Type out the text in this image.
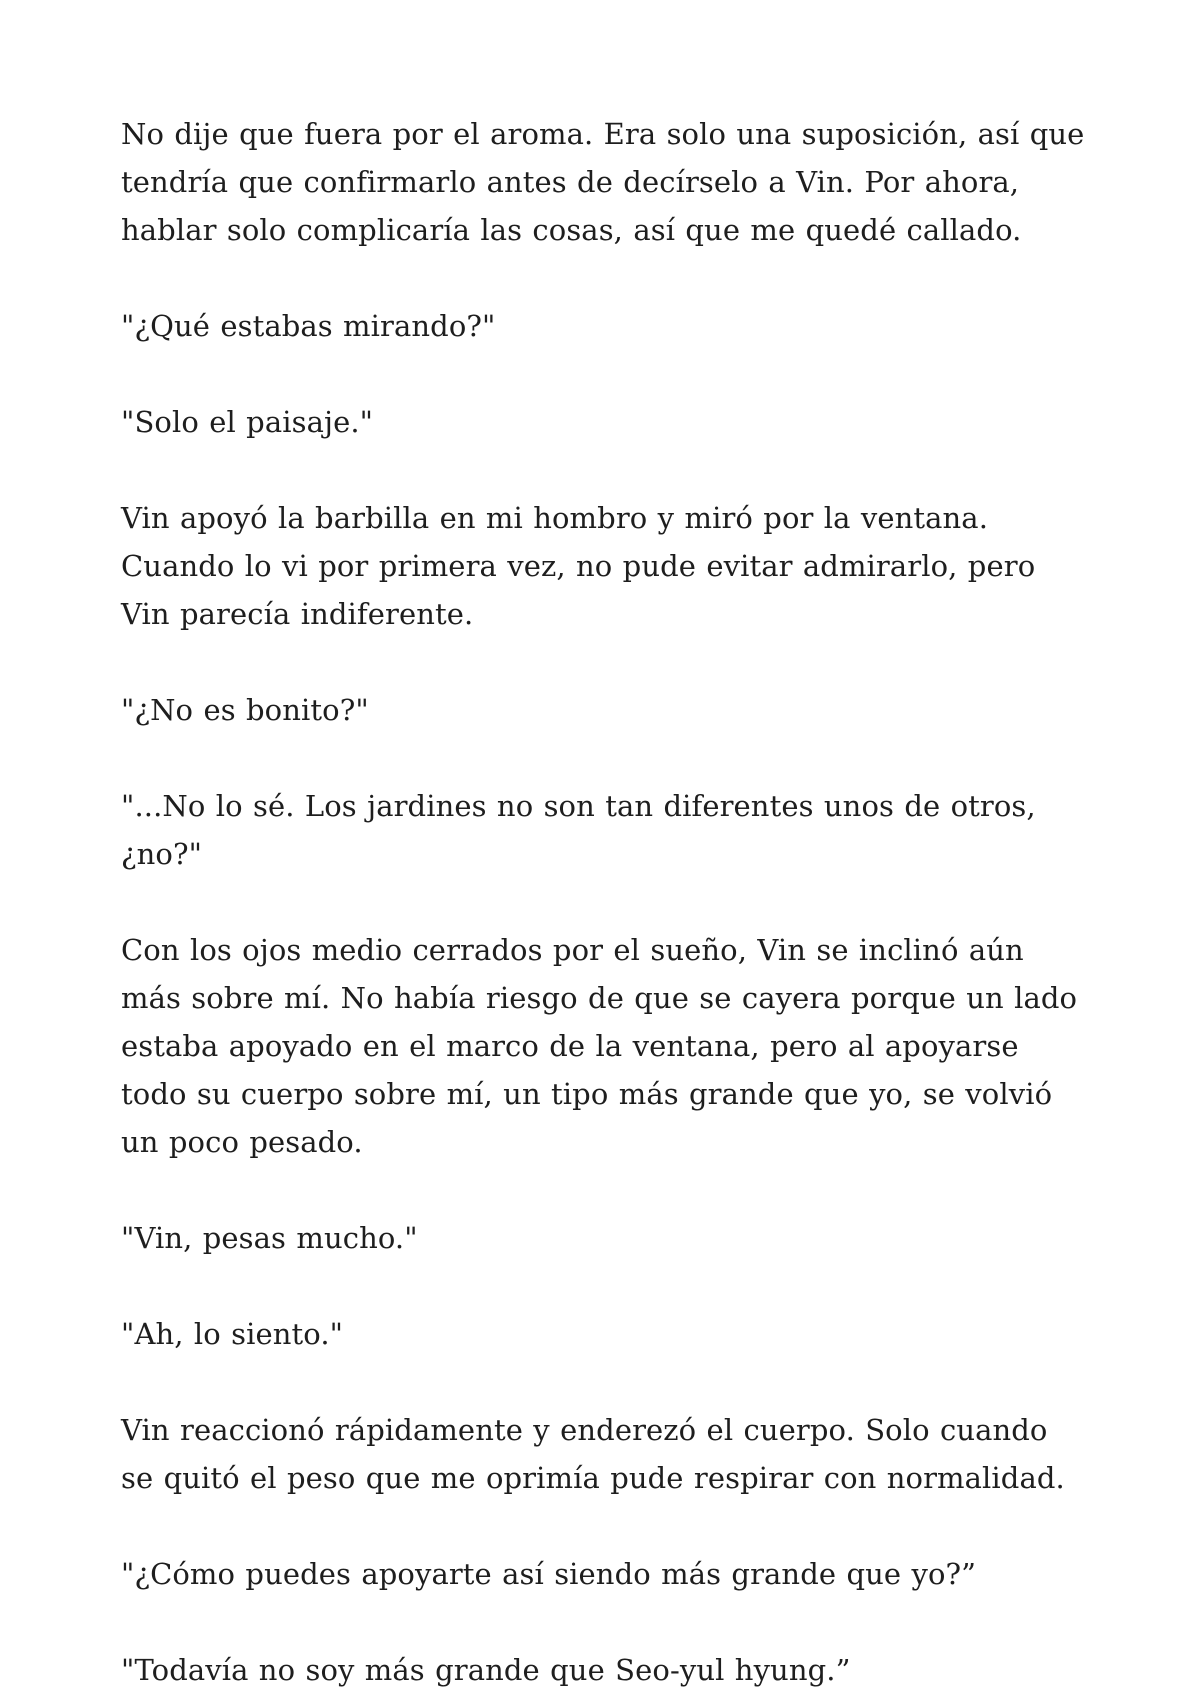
No dije que fuera por el aroma. Era solo una suposición, así que tendría que confirmarlo antes de decírselo a Vin. Por ahora, hablar solo complicaría las cosas, así que me quedé callado.

"¿Qué estabas mirando?"

"Solo el paisaje."

Vin apoyó la barbilla en mi hombro y miró por la ventana. Cuando lo vi por primera vez, no pude evitar admirarlo, pero Vin parecía indiferente.

"¿No es bonito?"

"...No lo sé. Los jardines no son tan diferentes unos de otros, ¿no?"

Con los ojos medio cerrados por el sueño, Vin se inclinó aún más sobre mí. No había riesgo de que se cayera porque un lado estaba apoyado en el marco de la ventana, pero al apoyarse todo su cuerpo sobre mí, un tipo más grande que yo, se volvió un poco pesado.

"Vin, pesas mucho."

"Ah, lo siento."

Vin reaccionó rápidamente y enderezó el cuerpo. Solo cuando se quitó el peso que me oprimía pude respirar con normalidad.

"¿Cómo puedes apoyarte así siendo más grande que yo?”

"Todavía no soy más grande que Seo-yul hyung.”
